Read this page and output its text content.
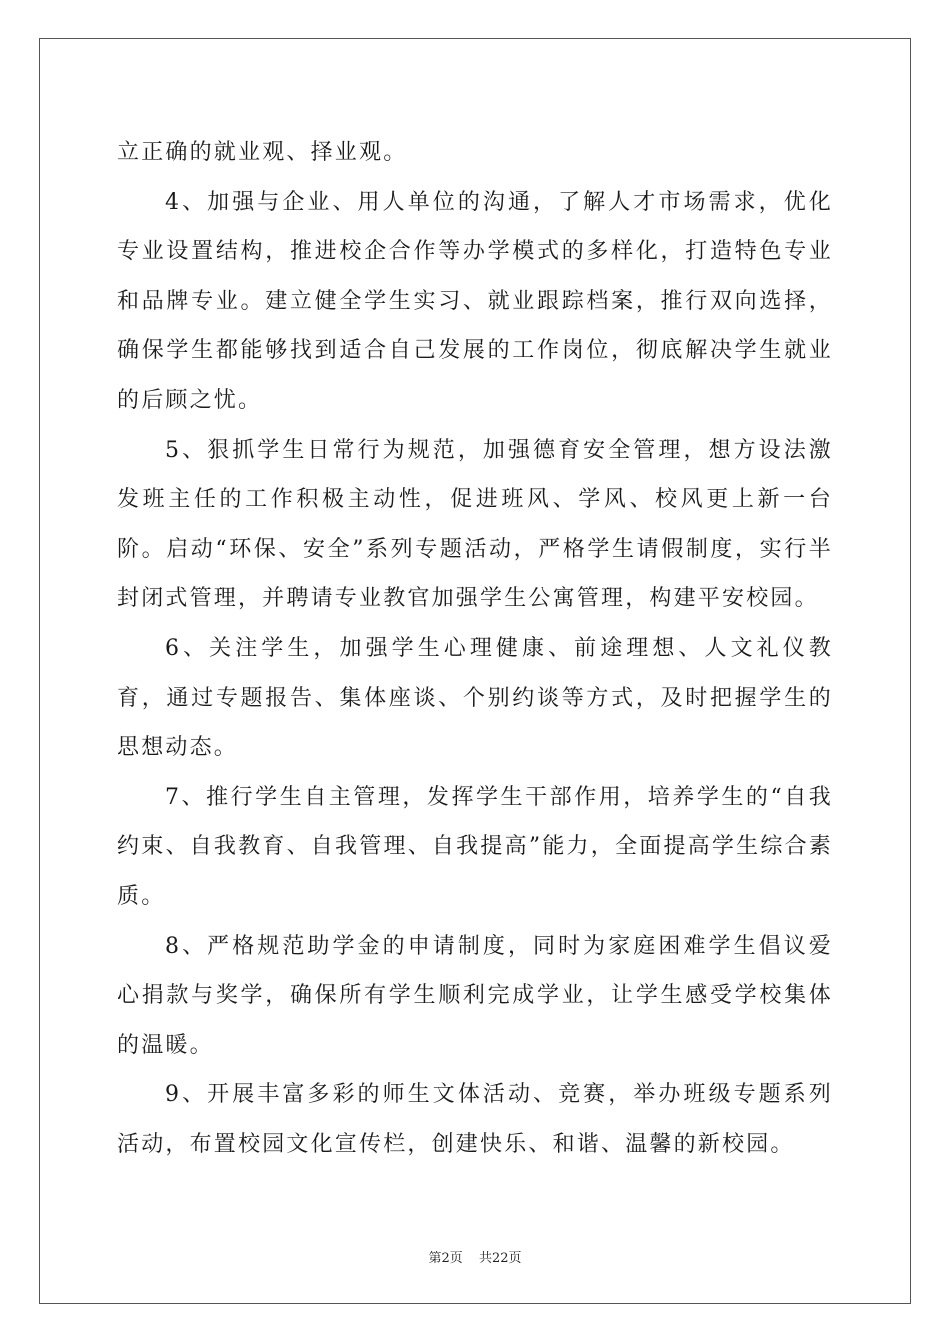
立正确的就业观、择业观。

4、加强与企业、用人单位的沟通，了解人才市场需求，优化专业设置结构，推进校企合作等办学模式的多样化，打造特色专业和品牌专业。建立健全学生实习、就业跟踪档案，推行双向选择，确保学生都能够找到适合自己发展的工作岗位，彻底解决学生就业的后顾之忧。

5、狠抓学生日常行为规范，加强德育安全管理，想方设法激发班主任的工作积极主动性，促进班风、学风、校风更上新一台阶。启动“环保、安全”系列专题活动，严格学生请假制度，实行半封闭式管理，并聘请专业教官加强学生公寓管理，构建平安校园。

6、关注学生，加强学生心理健康、前途理想、人文礼仪教育，通过专题报告、集体座谈、个别约谈等方式，及时把握学生的思想动态。

7、推行学生自主管理，发挥学生干部作用，培养学生的“自我约束、自我教育、自我管理、自我提高”能力，全面提高学生综合素质。

8、严格规范助学金的申请制度，同时为家庭困难学生倡议爱心捐款与奖学，确保所有学生顺利完成学业，让学生感受学校集体的温暖。

9、开展丰富多彩的师生文体活动、竞赛，举办班级专题系列活动，布置校园文化宣传栏，创建快乐、和谐、温馨的新校园。

第2页 共22页
